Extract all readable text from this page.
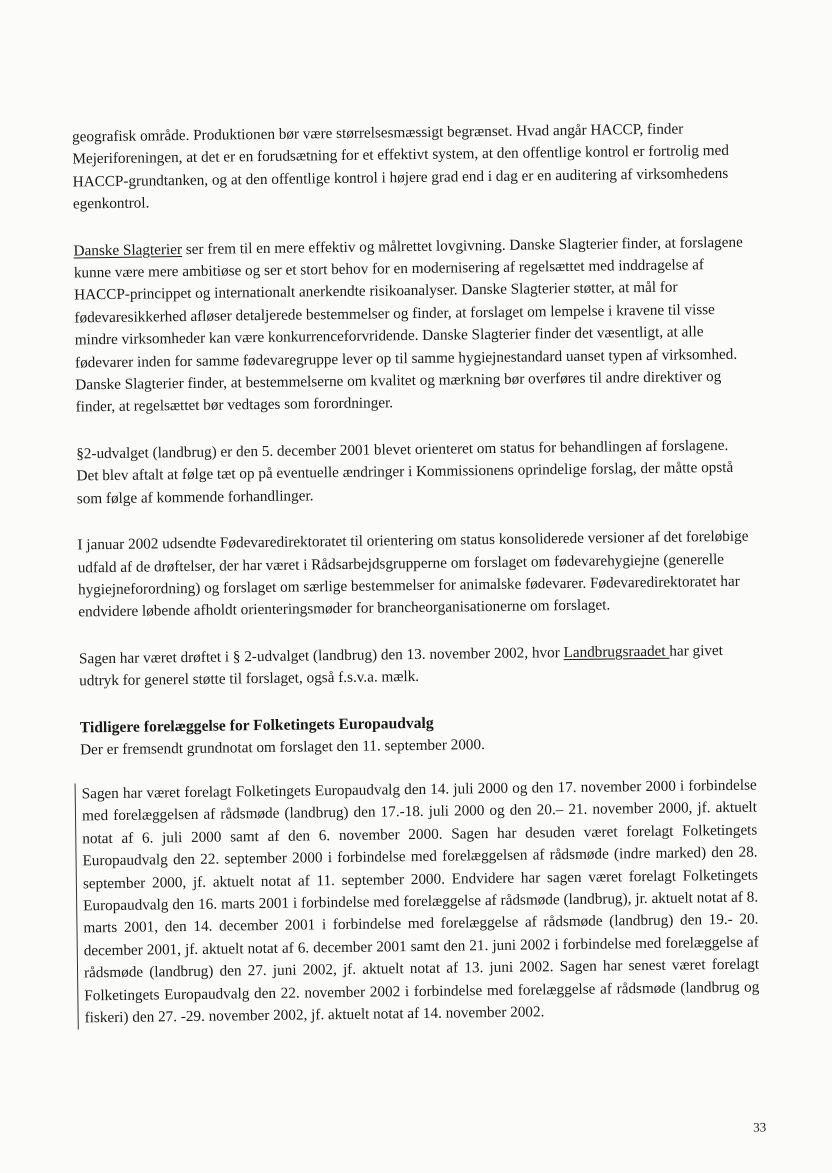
geografisk område. Produktionen bør være størrelsesmæssigt begrænset. Hvad angår HACCP, finder Mejeriforeningen, at det er en forudsætning for et effektivt system, at den offentlige kontrol er fortrolig med HACCP-grundtanken, og at den offentlige kontrol i højere grad end i dag er en auditering af virksomhedens egenkontrol.

Danske Slagterier ser frem til en mere effektiv og målrettet lovgivning. Danske Slagterier finder, at forslagene kunne være mere ambitiøse og ser et stort behov for en modernisering af regelsættet med inddragelse af HACCP-princippet og internationalt anerkendte risikoanalyser. Danske Slagterier støtter, at mål for fødevaresikkerhed afløser detaljerede bestemmelser og finder, at forslaget om lempelse i kravene til visse mindre virksomheder kan være konkurrenceforvridende. Danske Slagterier finder det væsentligt, at alle fødevarer inden for samme fødevaregruppe lever op til samme hygiejnestandard uanset typen af virksomhed. Danske Slagterier finder, at bestemmelserne om kvalitet og mærkning bør overføres til andre direktiver og finder, at regelsættet bør vedtages som forordninger.

§2-udvalget (landbrug) er den 5. december 2001 blevet orienteret om status for behandlingen af forslagene. Det blev aftalt at følge tæt op på eventuelle ændringer i Kommissionens oprindelige forslag, der måtte opstå som følge af kommende forhandlinger.

I januar 2002 udsendte Fødevaredirektoratet til orientering om status konsoliderede versioner af det foreløbige udfald af de drøftelser, der har været i Rådsarbejdsgrupperne om forslaget om fødevarehygiejne (generelle hygiejneforordning) og forslaget om særlige bestemmelser for animalske fødevarer. Fødevaredirektoratet har endvidere løbende afholdt orienteringsmøder for brancheorganisationerne om forslaget.

Sagen har været drøftet i § 2-udvalget (landbrug) den 13. november 2002, hvor Landbrugsraadet har givet udtryk for generel støtte til forslaget, også f.s.v.a. mælk.

Tidligere forelæggelse for Folketingets Europaudvalg

Der er fremsendt grundnotat om forslaget den 11. september 2000.

Sagen har været forelagt Folketingets Europaudvalg den 14. juli 2000 og den 17. november 2000 i forbindelse med forelæggelsen af rådsmøde (landbrug) den 17.-18. juli 2000 og den 20.– 21. november 2000, jf. aktuelt notat af 6. juli 2000 samt af den 6. november 2000. Sagen har desuden været forelagt Folketingets Europaudvalg den 22. september 2000 i forbindelse med forelæggelsen af rådsmøde (indre marked) den 28. september 2000, jf. aktuelt notat af 11. september 2000. Endvidere har sagen været forelagt Folketingets Europaudvalg den 16. marts 2001 i forbindelse med forelæggelse af rådsmøde (landbrug), jr. aktuelt notat af 8. marts 2001, den 14. december 2001 i forbindelse med forelæggelse af rådsmøde (landbrug) den 19.- 20. december 2001, jf. aktuelt notat af 6. december 2001 samt den 21. juni 2002 i forbindelse med forelæggelse af rådsmøde (landbrug) den 27. juni 2002, jf. aktuelt notat af 13. juni 2002. Sagen har senest været forelagt Folketingets Europaudvalg den 22. november 2002 i forbindelse med forelæggelse af rådsmøde (landbrug og fiskeri) den 27. -29. november 2002, jf. aktuelt notat af 14. november 2002.

33
